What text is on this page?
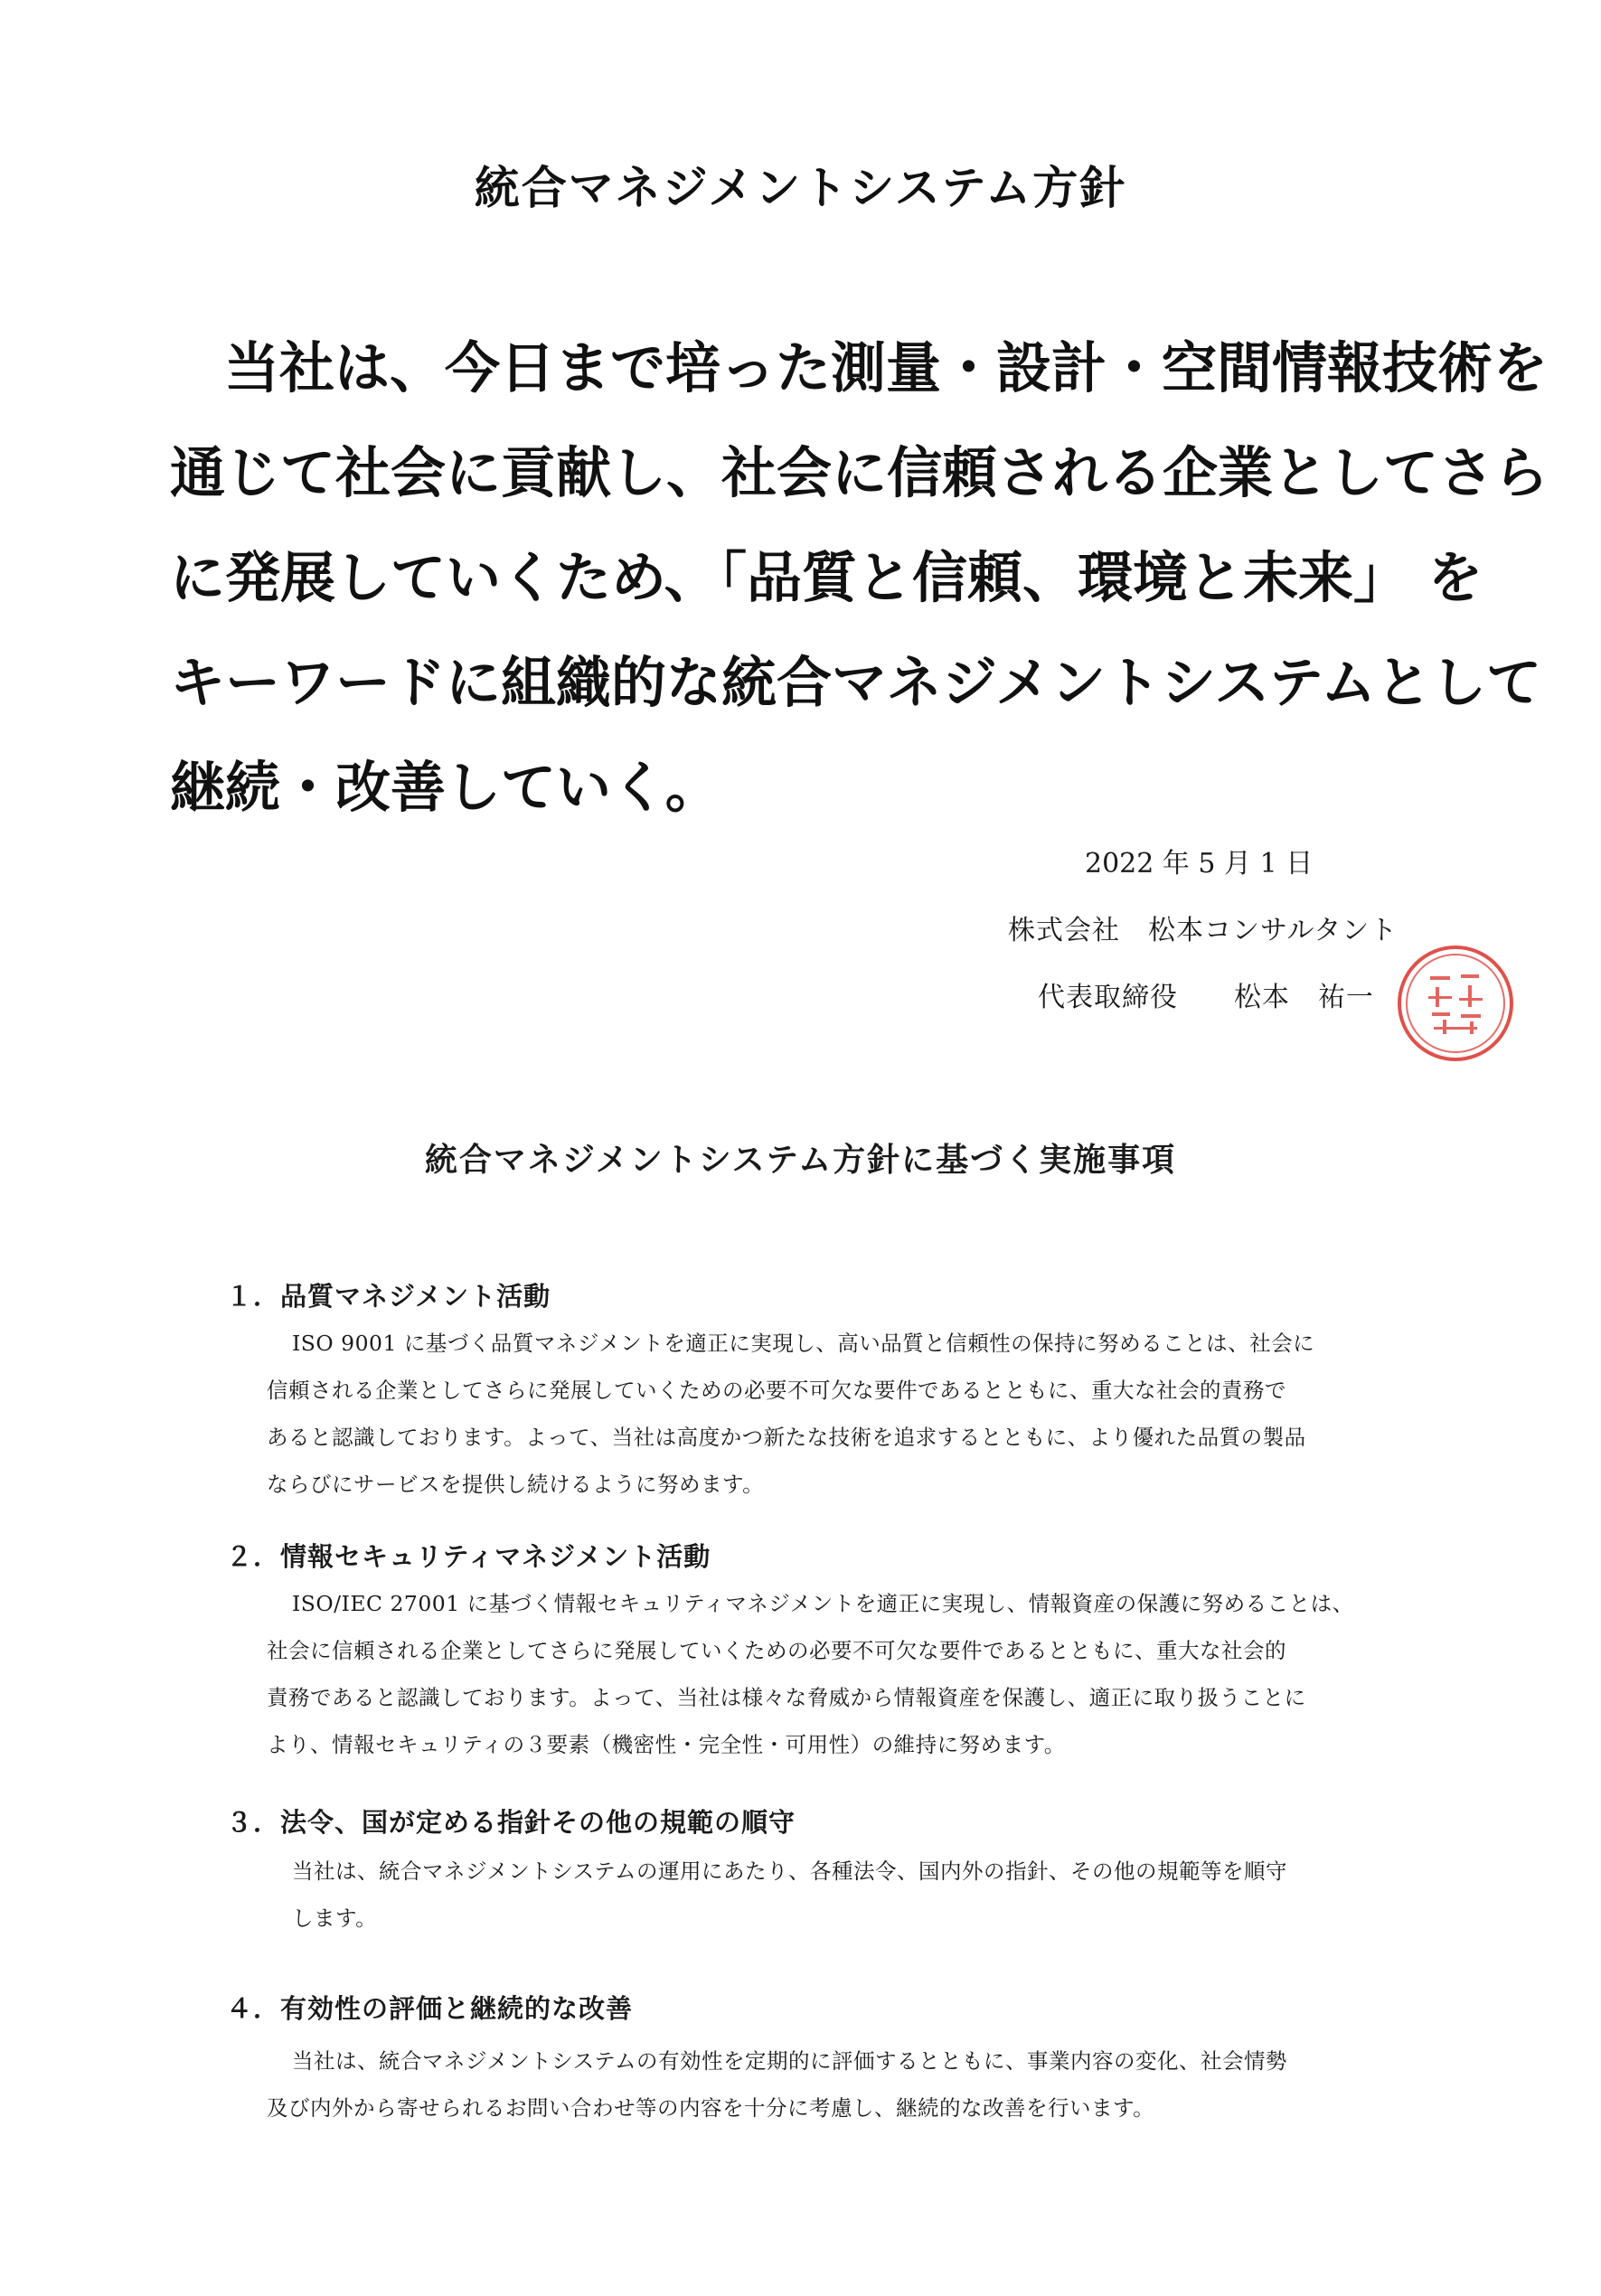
統合マネジメントシステム方針
当社は、今日まで培った測量・設計・空間情報技術を
通じて社会に貢献し、社会に信頼される企業としてさら
に発展していくため、「品質と信頼、環境と未来」 を
キーワードに組織的な統合マネジメントシステムとして
継続・改善していく。
2022 年 5 月 1 日
株式会社　松本コンサルタント
代表取締役　　松本　祐一
統合マネジメントシステム方針に基づく実施事項
１．品質マネジメント活動
ISO 9001 に基づく品質マネジメントを適正に実現し、高い品質と信頼性の保持に努めることは、社会に
信頼される企業としてさらに発展していくための必要不可欠な要件であるとともに、重大な社会的責務で
あると認識しております。よって、当社は高度かつ新たな技術を追求するとともに、より優れた品質の製品
ならびにサービスを提供し続けるように努めます。
２．情報セキュリティマネジメント活動
ISO/IEC 27001 に基づく情報セキュリティマネジメントを適正に実現し、情報資産の保護に努めることは、
社会に信頼される企業としてさらに発展していくための必要不可欠な要件であるとともに、重大な社会的
責務であると認識しております。よって、当社は様々な脅威から情報資産を保護し、適正に取り扱うことに
より、情報セキュリティの３要素（機密性・完全性・可用性）の維持に努めます。
３．法令、国が定める指針その他の規範の順守
当社は、統合マネジメントシステムの運用にあたり、各種法令、国内外の指針、その他の規範等を順守
します。
４．有効性の評価と継続的な改善
当社は、統合マネジメントシステムの有効性を定期的に評価するとともに、事業内容の変化、社会情勢
及び内外から寄せられるお問い合わせ等の内容を十分に考慮し、継続的な改善を行います。
